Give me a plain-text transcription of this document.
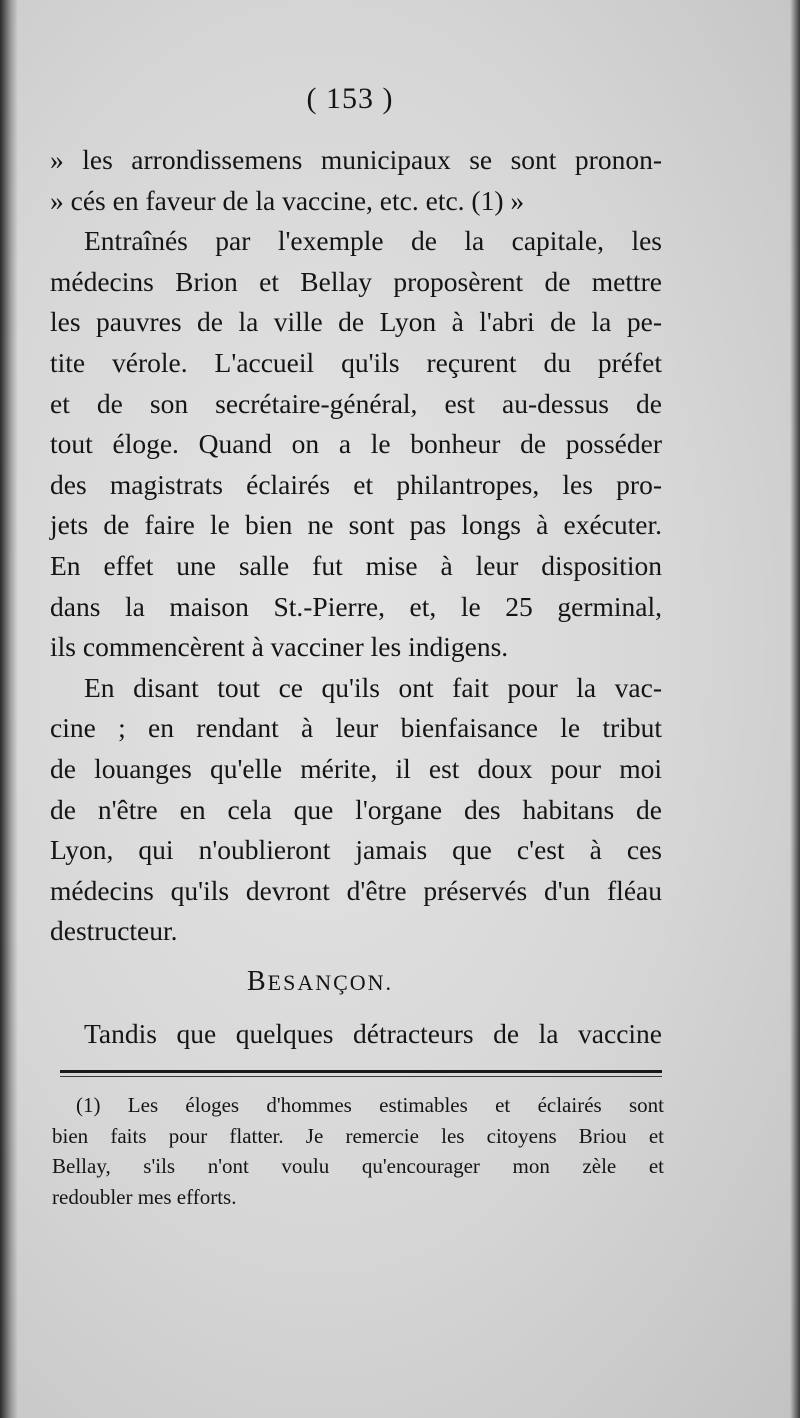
( 153 )
» les arrondissemens municipaux se sont pronon-
» cés en faveur de la vaccine, etc. etc. (1) »
Entraînés par l'exemple de la capitale, les
médecins Brion et Bellay proposèrent de mettre
les pauvres de la ville de Lyon à l'abri de la pe-
tite vérole. L'accueil qu'ils reçurent du préfet
et de son secrétaire-général, est au-dessus de
tout éloge. Quand on a le bonheur de posséder
des magistrats éclairés et philantropes, les pro-
jets de faire le bien ne sont pas longs à exécuter.
En effet une salle fut mise à leur disposition
dans la maison St.-Pierre, et, le 25 germinal,
ils commencèrent à vacciner les indigens.
En disant tout ce qu'ils ont fait pour la vac-
cine ; en rendant à leur bienfaisance le tribut
de louanges qu'elle mérite, il est doux pour moi
de n'être en cela que l'organe des habitans de
Lyon, qui n'oublieront jamais que c'est à ces
médecins qu'ils devront d'être préservés d'un fléau
destructeur.
BESANÇON.
Tandis que quelques détracteurs de la vaccine
(1) Les éloges d'hommes estimables et éclairés sont
bien faits pour flatter. Je remercie les citoyens Briou et
Bellay, s'ils n'ont voulu qu'encourager mon zèle et
redoubler mes efforts.
